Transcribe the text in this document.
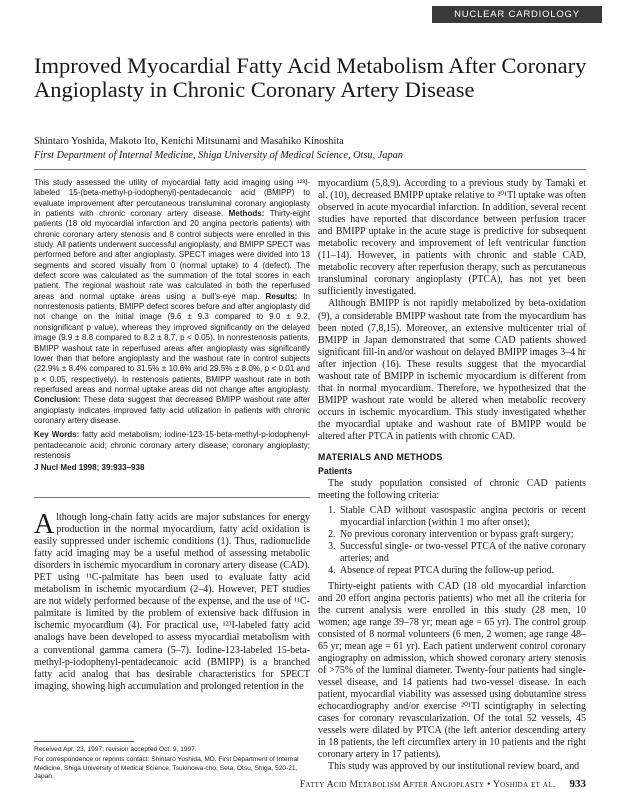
NUCLEAR CARDIOLOGY
Improved Myocardial Fatty Acid Metabolism After Coronary Angioplasty in Chronic Coronary Artery Disease
Shintaro Yoshida, Makoto Ito, Kenichi Mitsunami and Masahiko Kinoshita
First Department of Internal Medicine, Shiga University of Medical Science, Otsu, Japan

This study assessed the utility of myocardial fatty acid imaging using ¹²³I-labeled 15-(beta-methyl-p-iodophenyl)-pentadecanoic acid (BMIPP) to evaluate improvement after percutaneous transluminal coronary angioplasty in patients with chronic coronary artery disease. Methods: Thirty-eight patients (18 old myocardial infarction and 20 angina pectoris patients) with chronic coronary artery stenosis and 8 control subjects were enrolled in this study. All patients underwent successful angioplasty, and BMIPP SPECT was performed before and after angioplasty. SPECT images were divided into 13 segments and scored visually from 0 (normal uptake) to 4 (defect). The defect score was calculated as the summation of the total scores in each patient. The regional washout rate was calculated in both the reperfused areas and normal uptake areas using a bull's-eye map. Results: In nonrestenosis patients, BMIPP defect scores before and after angioplasty did not change on the initial image (9.6 ± 9.3 compared to 9.0 ± 9.2, nonsignificant p value), whereas they improved significantly on the delayed image (9.9 ± 8.8 compared to 8.2 ± 8.7, p < 0.05). In nonrestenosis patients, BMIPP washout rate in reperfused areas after angioplasty was significantly lower than that before angioplasty and the washout rate in control subjects (22.9% ± 8.4% compared to 31.5% ± 10.6% and 29.5% ± 8.0%, p < 0.01 and p < 0.05, respectively). In restenosis patients, BMIPP washout rate in both reperfused areas and normal uptake areas did not change after angioplasty. Conclusion: These data suggest that decreased BMIPP washout rate after angioplasty indicates improved fatty acid utilization in patients with chronic coronary artery disease.

Key Words: fatty acid metabolism; iodine-123-15-beta-methyl-p-iodophenyl-pentadecanoic acid; chronic coronary artery disease; coronary angioplasty; restenosis

J Nucl Med 1998; 39:933–938

Although long-chain fatty acids are major substances for energy production in the normal myocardium, fatty acid oxidation is easily suppressed under ischemic conditions (1). Thus, radionuclide fatty acid imaging may be a useful method of assessing metabolic disorders in ischemic myocardium in coronary artery disease (CAD). PET using ¹¹C-palmitate has been used to evaluate fatty acid metabolism in ischemic myocardium (2–4). However, PET studies are not widely performed because of the expense, and the use of ¹¹C-palmitate is limited by the problem of extensive back diffusion in ischemic myocardium (4). For practical use, ¹²³I-labeled fatty acid analogs have been developed to assess myocardial metabolism with a conventional gamma camera (5–7). Iodine-123-labeled 15-beta-methyl-p-iodophenyl-pentadecanoic acid (BMIPP) is a branched fatty acid analog that has desirable characteristics for SPECT imaging, showing high accumulation and prolonged retention in the

Received Apr. 23, 1997; revision accepted Oct. 9, 1997.

For correspondence or reprints contact: Shintaro Yoshida, MD, First Department of Internal Medicine, Shiga University of Medical Science, Tsukinowa-cho, Seta, Otsu, Shiga, 520-21, Japan.

myocardium (5,8,9). According to a previous study by Tamaki et al. (10), decreased BMIPP uptake relative to ²⁰¹Tl uptake was often observed in acute myocardial infarction. In addition, several recent studies have reported that discordance between perfusion tracer and BMIPP uptake in the acute stage is predictive for subsequent metabolic recovery and improvement of left ventricular function (11–14). However, in patients with chronic and stable CAD, metabolic recovery after reperfusion therapy, such as percutaneous transluminal coronary angioplasty (PTCA), has not yet been sufficiently investigated.

Although BMIPP is not rapidly metabolized by beta-oxidation (9), a considerable BMIPP washout rate from the myocardium has been noted (7,8,15). Moreover, an extensive multicenter trial of BMIPP in Japan demonstrated that some CAD patients showed significant fill-in and/or washout on delayed BMIPP images 3–4 hr after injection (16). These results suggest that the myocardial washout rate of BMIPP in ischemic myocardium is different from that in normal myocardium. Therefore, we hypothesized that the BMIPP washout rate would be altered when metabolic recovery occurs in ischemic myocardium. This study investigated whether the myocardial uptake and washout rate of BMIPP would be altered after PTCA in patients with chronic CAD.

MATERIALS AND METHODS
Patients

The study population consisted of chronic CAD patients meeting the following criteria:

1. Stable CAD without vasospastic angina pectoris or recent myocardial infarction (within 1 mo after onset);
2. No previous coronary intervention or bypass graft surgery;
3. Successful single- or two-vessel PTCA of the native coronary arteries; and
4. Absence of repeat PTCA during the follow-up period.

Thirty-eight patients with CAD (18 old myocardial infarction and 20 effort angina pectoris patients) who met all the criteria for the current analysis were enrolled in this study (28 men, 10 women; age range 39–78 yr; mean age = 65 yr). The control group consisted of 8 normal volunteers (6 men, 2 women; age range 48–65 yr; mean age = 61 yr). Each patient underwent control coronary angiography on admission, which showed coronary artery stenosis of >75% of the luminal diameter. Twenty-four patients had single-vessel disease, and 14 patients had two-vessel disease. In each patient, myocardial viability was assessed using dobutamine stress echocardiography and/or exercise ²⁰¹Tl scintigraphy in selecting cases for coronary revascularization. Of the total 52 vessels, 45 vessels were dilated by PTCA (the left anterior descending artery in 18 patients, the left circumflex artery in 10 patients and the right coronary artery in 17 patients).

This study was approved by our institutional review board, and

Fatty Acid Metabolism After Angioplasty • Yoshida et al. 933
